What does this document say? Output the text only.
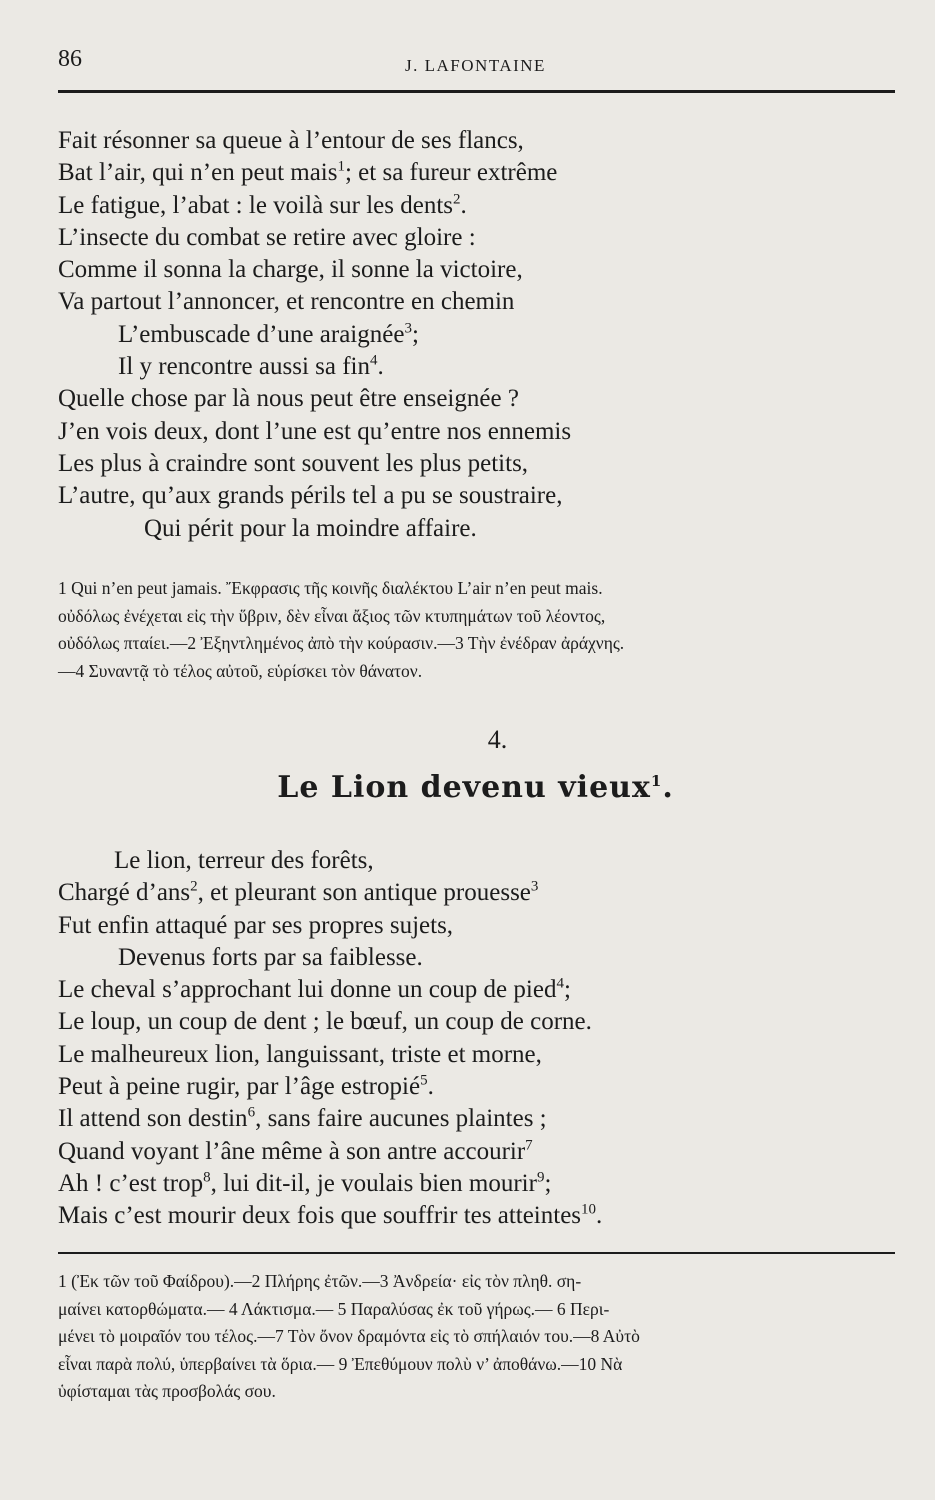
86	J. LAFONTAINE
Fait résonner sa queue à l’entour de ses flancs,
Bat l’air, qui n’en peut mais$^1$; et sa fureur extrême
Le fatigue, l’abat : le voilà sur les dents$^2$.
L’insecte du combat se retire avec gloire :
Comme il sonna la charge, il sonne la victoire,
Va partout l’annoncer, et rencontre en chemin
L’embuscade d’une araignée$^3$;
Il y rencontre aussi sa fin$^4$.
Quelle chose par là nous peut être enseignée ?
J’en vois deux, dont l’une est qu’entre nos ennemis
Les plus à craindre sont souvent les plus petits,
L’autre, qu’aux grands périls tel a pu se soustraire,
Qui périt pour la moindre affaire.
1 Qui n’en peut jamais. Ἔκφρασις τῆς κοινῆς διαλέκτου L’air n’en peut mais.
οὐδόλως ἐνέχεται εἰς τὴν ὕβριν, δὲν εἶναι ἄξιος τῶν κτυπημάτων τοῦ λέοντος,
οὐδόλως πταίει.—2 Ἐξηντλημένος ἀπὸ τὴν κούρασιν.—3 Τὴν ἐνέδραν ἀράχνης.
—4 Συναντᾷ τὸ τέλος αὐτοῦ, εὑρίσκει τὸν θάνατον.
4.
Le Lion devenu vieux$^1$.
Le lion, terreur des forêts,
Chargé d’ans$^2$, et pleurant son antique prouesse$^3$
Fut enfin attaqué par ses propres sujets,
Devenus forts par sa faiblesse.
Le cheval s’approchant lui donne un coup de pied$^4$;
Le loup, un coup de dent ; le bœuf, un coup de corne.
Le malheureux lion, languissant, triste et morne,
Peut à peine rugir, par l’âge estropié$^5$.
Il attend son destin$^6$, sans faire aucunes plaintes ;
Quand voyant l’âne même à son antre accourir$^7$
Ah ! c’est trop$^8$, lui dit-il, je voulais bien mourir$^9$;
Mais c’est mourir deux fois que souffrir tes atteintes$^{10}$.
1 (Ἐκ τῶν τοῦ Φαίδρου).—2 Πλήρης ἐτῶν.—3 Ἀνδρεία· εἰς τὸν πληθ. ση-
μαίνει κατορθώματα.— 4 Λάκτισμα.— 5 Παραλύσας ἐκ τοῦ γήρως.— 6 Περι-
μένει τὸ μοιραῖόν του τέλος.—7 Τὸν ὄνον δραμόντα εἰς τὸ σπήλαιόν του.—8 Αὐτὸ
εἶναι παρὰ πολύ, ὑπερβαίνει τὰ ὅρια.— 9 Ἐπεθύμουν πολὺ ν’ ἀποθάνω.—10 Νὰ
ὑφίσταμαι τὰς προσβολάς σου.
